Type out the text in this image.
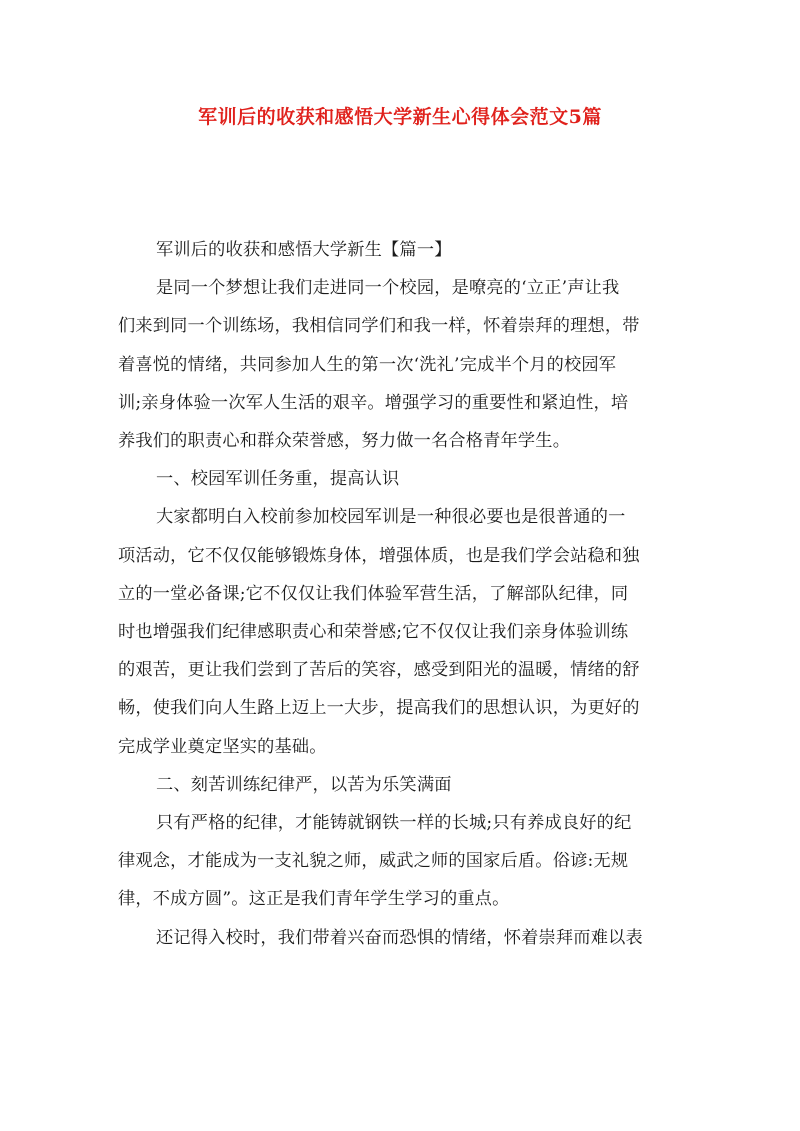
军训后的收获和感悟大学新生心得体会范文5篇
军训后的收获和感悟大学新生【篇一】
是同一个梦想让我们走进同一个校园，是嘹亮的‘立正’声让我
们来到同一个训练场，我相信同学们和我一样，怀着崇拜的理想，带
着喜悦的情绪，共同参加人生的第一次‘洗礼’完成半个月的校园军
训;亲身体验一次军人生活的艰辛。增强学习的重要性和紧迫性，培
养我们的职责心和群众荣誉感，努力做一名合格青年学生。
一、校园军训任务重，提高认识
大家都明白入校前参加校园军训是一种很必要也是很普通的一
项活动，它不仅仅能够锻炼身体，增强体质，也是我们学会站稳和独
立的一堂必备课;它不仅仅让我们体验军营生活，了解部队纪律，同
时也增强我们纪律感职责心和荣誉感;它不仅仅让我们亲身体验训练
的艰苦，更让我们尝到了苦后的笑容，感受到阳光的温暖，情绪的舒
畅，使我们向人生路上迈上一大步，提高我们的思想认识，为更好的
完成学业奠定坚实的基础。
二、刻苦训练纪律严，以苦为乐笑满面
只有严格的纪律，才能铸就钢铁一样的长城;只有养成良好的纪
律观念，才能成为一支礼貌之师，威武之师的国家后盾。俗谚:无规
律，不成方圆”。这正是我们青年学生学习的重点。
还记得入校时，我们带着兴奋而恐惧的情绪，怀着崇拜而难以表
